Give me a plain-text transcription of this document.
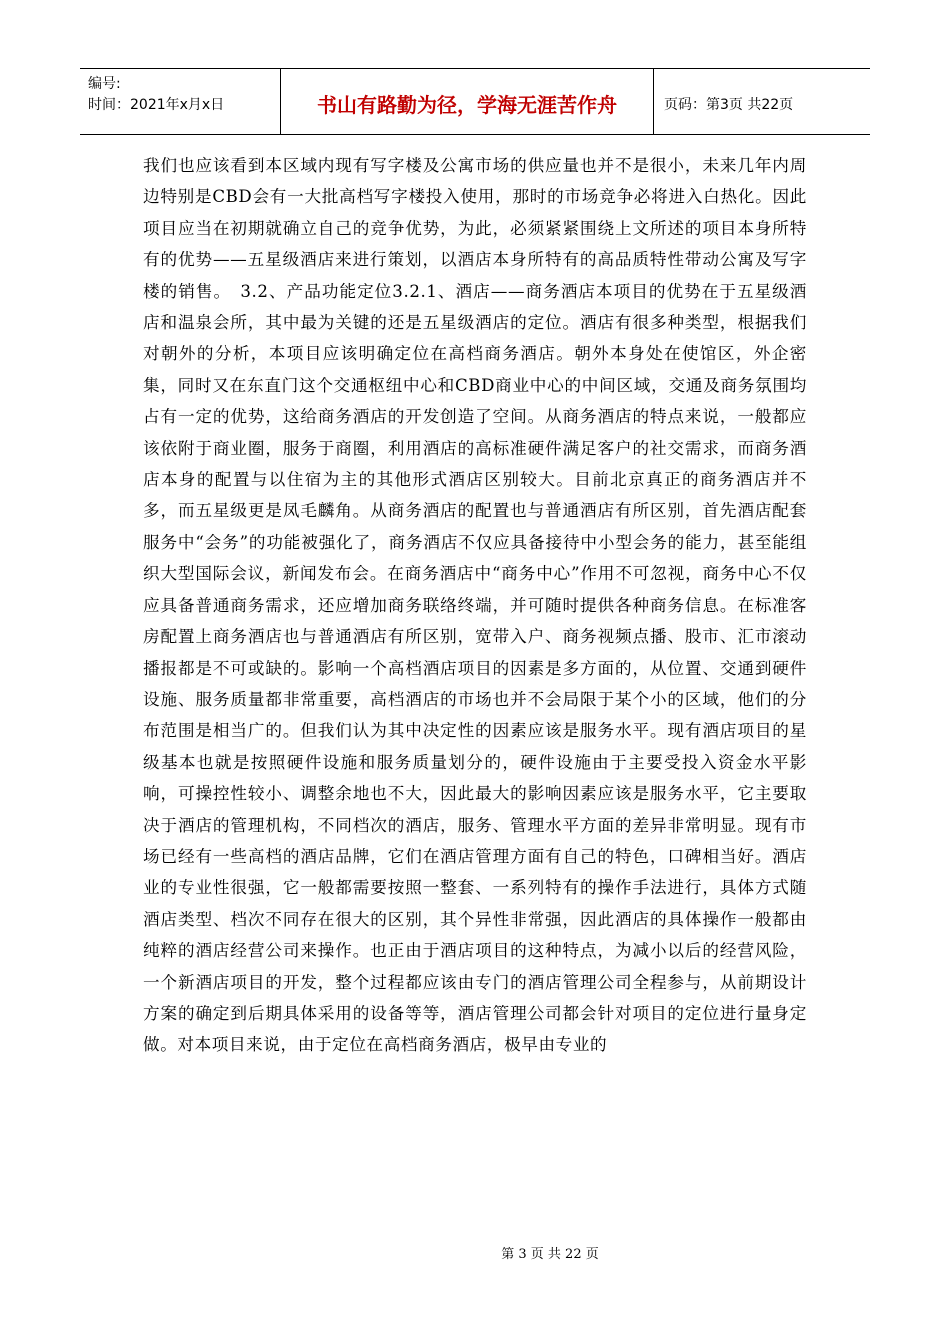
编号:
时间：2021年x月x日	书山有路勤为径，学海无涯苦作舟	页码：第3页 共22页

我们也应该看到本区域内现有写字楼及公寓市场的供应量也并不是很小，未来几年内周边特别是CBD会有一大批高档写字楼投入使用，那时的市场竞争必将进入白热化。因此项目应当在初期就确立自己的竞争优势，为此，必须紧紧围绕上文所述的项目本身所特有的优势——五星级酒店来进行策划，以酒店本身所特有的高品质特性带动公寓及写字楼的销售。　3.2、产品功能定位3.2.1、酒店——商务酒店本项目的优势在于五星级酒店和温泉会所，其中最为关键的还是五星级酒店的定位。酒店有很多种类型，根据我们对朝外的分析，本项目应该明确定位在高档商务酒店。朝外本身处在使馆区，外企密集，同时又在东直门这个交通枢纽中心和CBD商业中心的中间区域，交通及商务氛围均占有一定的优势，这给商务酒店的开发创造了空间。从商务酒店的特点来说，一般都应该依附于商业圈，服务于商圈，利用酒店的高标准硬件满足客户的社交需求，而商务酒店本身的配置与以住宿为主的其他形式酒店区别较大。目前北京真正的商务酒店并不多，而五星级更是凤毛麟角。从商务酒店的配置也与普通酒店有所区别，首先酒店配套服务中“会务”的功能被强化了，商务酒店不仅应具备接待中小型会务的能力，甚至能组织大型国际会议，新闻发布会。在商务酒店中“商务中心”作用不可忽视，商务中心不仅应具备普通商务需求，还应增加商务联络终端，并可随时提供各种商务信息。在标准客房配置上商务酒店也与普通酒店有所区别，宽带入户、商务视频点播、股市、汇市滚动播报都是不可或缺的。影响一个高档酒店项目的因素是多方面的，从位置、交通到硬件设施、服务质量都非常重要，高档酒店的市场也并不会局限于某个小的区域，他们的分布范围是相当广的。但我们认为其中决定性的因素应该是服务水平。现有酒店项目的星级基本也就是按照硬件设施和服务质量划分的，硬件设施由于主要受投入资金水平影响，可操控性较小、调整余地也不大，因此最大的影响因素应该是服务水平，它主要取决于酒店的管理机构，不同档次的酒店，服务、管理水平方面的差异非常明显。现有市场已经有一些高档的酒店品牌，它们在酒店管理方面有自己的特色，口碑相当好。酒店业的专业性很强，它一般都需要按照一整套、一系列特有的操作手法进行，具体方式随酒店类型、档次不同存在很大的区别，其个异性非常强，因此酒店的具体操作一般都由纯粹的酒店经营公司来操作。也正由于酒店项目的这种特点，为减小以后的经营风险，一个新酒店项目的开发，整个过程都应该由专门的酒店管理公司全程参与，从前期设计方案的确定到后期具体采用的设备等等，酒店管理公司都会针对项目的定位进行量身定做。对本项目来说，由于定位在高档商务酒店，极早由专业的

第 3 页 共 22 页
